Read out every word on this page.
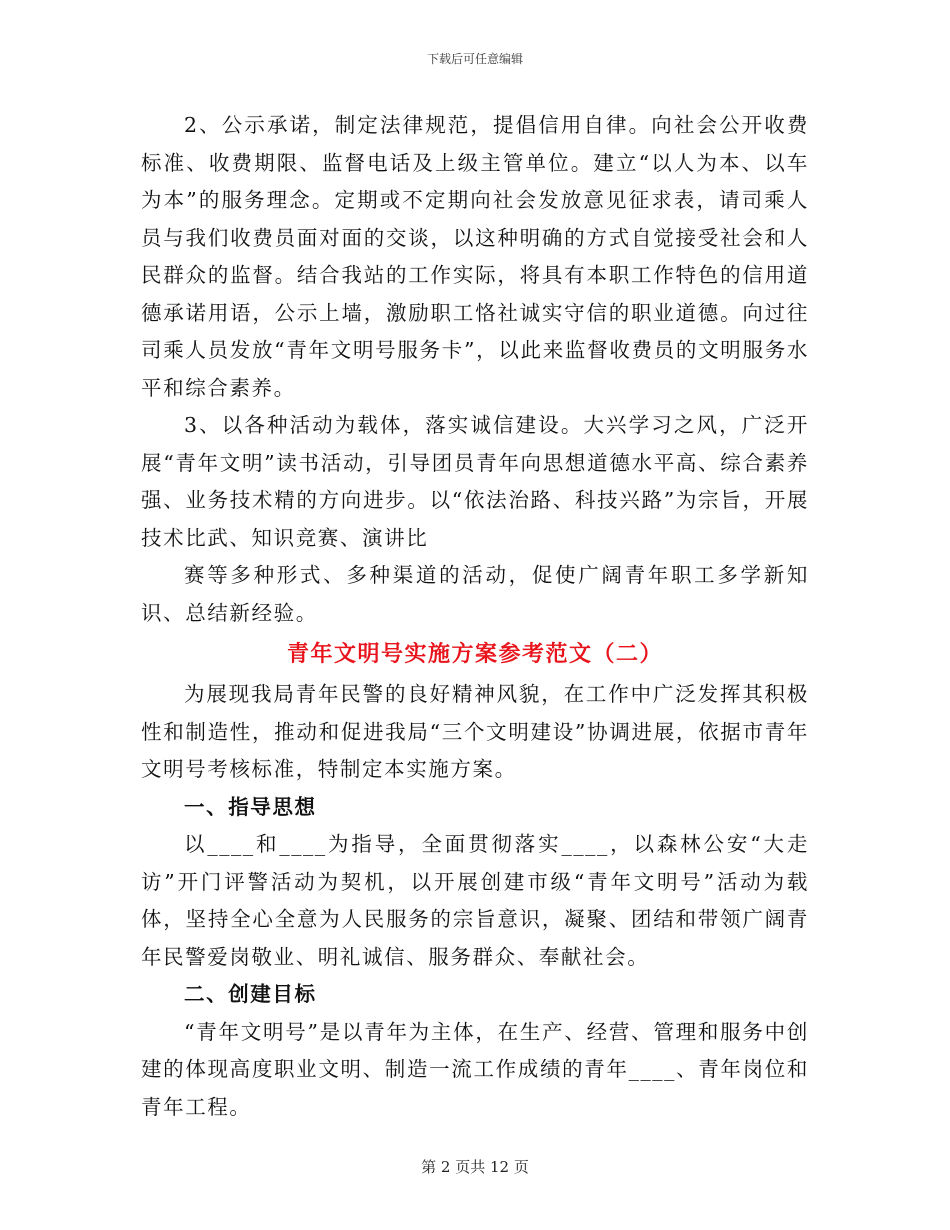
下载后可任意编辑

2、公示承诺，制定法律规范，提倡信用自律。向社会公开收费标准、收费期限、监督电话及上级主管单位。建立“以人为本、以车为本”的服务理念。定期或不定期向社会发放意见征求表，请司乘人员与我们收费员面对面的交谈，以这种明确的方式自觉接受社会和人民群众的监督。结合我站的工作实际，将具有本职工作特色的信用道德承诺用语，公示上墙，激励职工恪社诚实守信的职业道德。向过往司乘人员发放“青年文明号服务卡”，以此来监督收费员的文明服务水平和综合素养。

3、以各种活动为载体，落实诚信建设。大兴学习之风，广泛开展“青年文明”读书活动，引导团员青年向思想道德水平高、综合素养强、业务技术精的方向进步。以“依法治路、科技兴路”为宗旨，开展技术比武、知识竞赛、演讲比

赛等多种形式、多种渠道的活动，促使广阔青年职工多学新知识、总结新经验。

青年文明号实施方案参考范文（二）

为展现我局青年民警的良好精神风貌，在工作中广泛发挥其积极性和制造性，推动和促进我局“三个文明建设”协调进展，依据市青年文明号考核标准，特制定本实施方案。

一、指导思想

以____和____为指导，全面贯彻落实____，以森林公安“大走访”开门评警活动为契机，以开展创建市级“青年文明号”活动为载体，坚持全心全意为人民服务的宗旨意识，凝聚、团结和带领广阔青年民警爱岗敬业、明礼诚信、服务群众、奉献社会。

二、创建目标

“青年文明号”是以青年为主体，在生产、经营、管理和服务中创建的体现高度职业文明、制造一流工作成绩的青年____、青年岗位和青年工程。

第 2 页共 12 页
